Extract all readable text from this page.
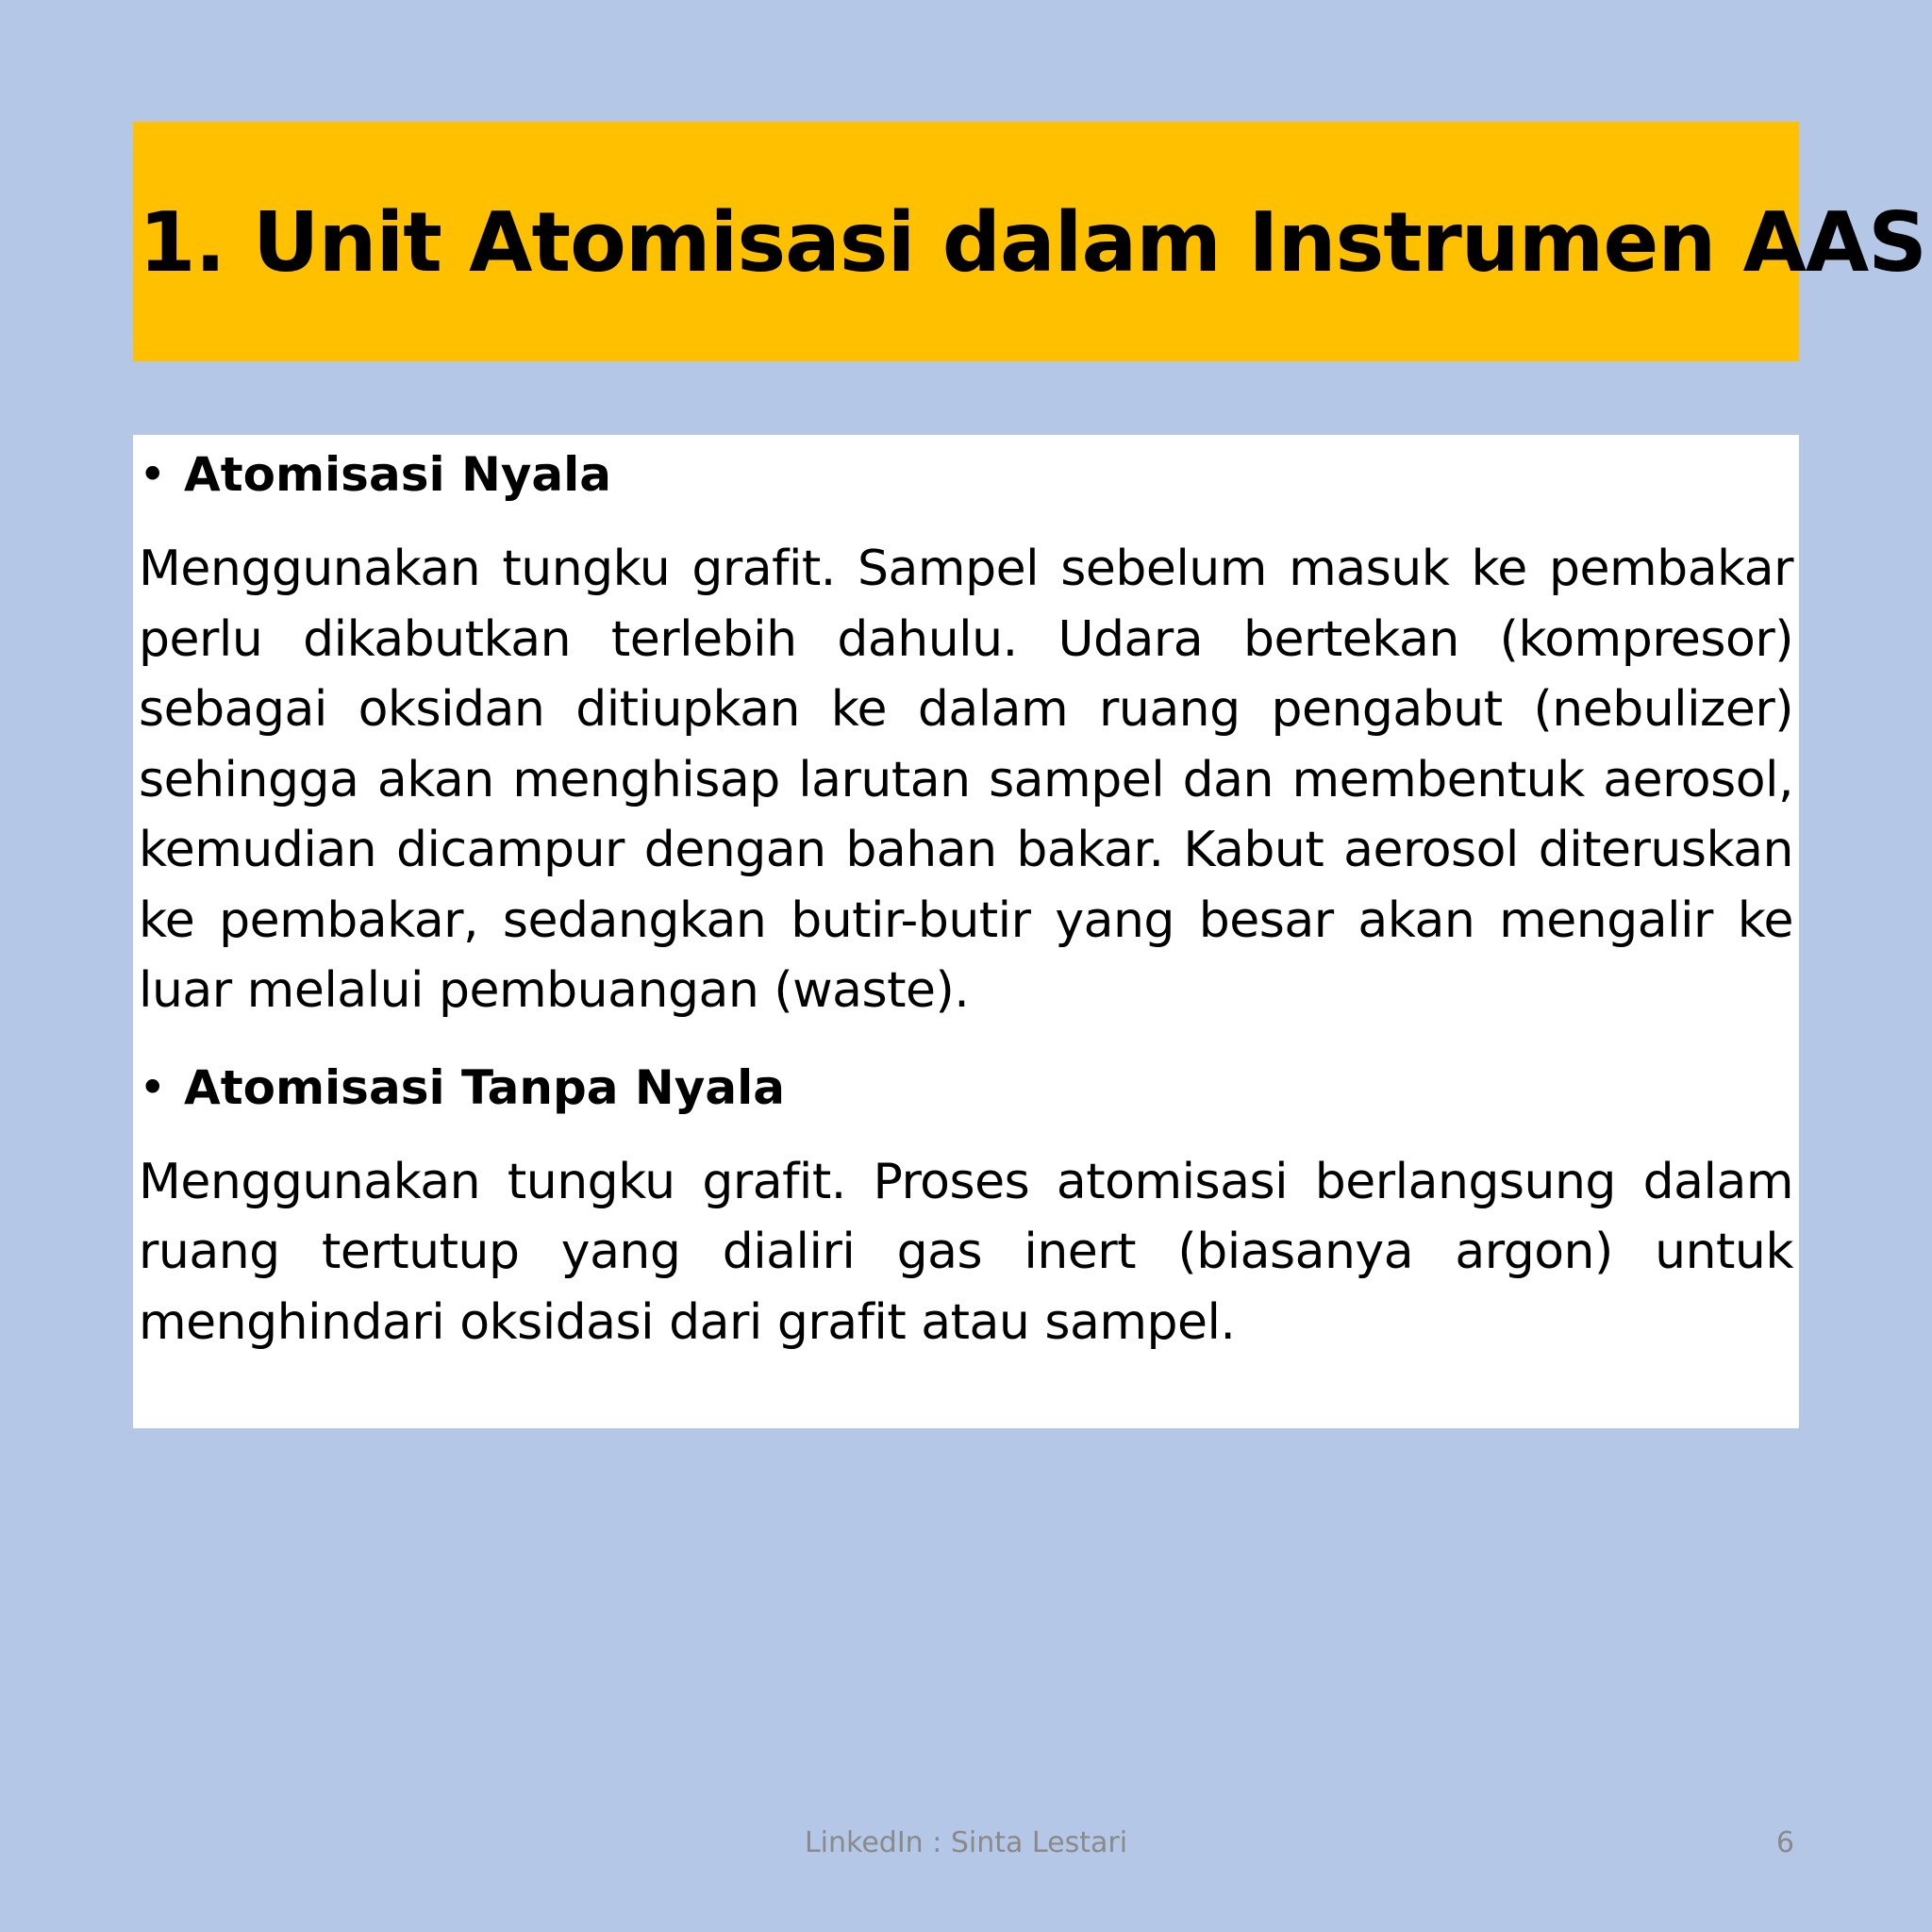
1. Unit Atomisasi dalam Instrumen AAS
• Atomisasi Nyala

Menggunakan tungku grafit. Sampel sebelum masuk ke pembakar perlu dikabutkan terlebih dahulu. Udara bertekan (kompresor) sebagai oksidan ditiupkan ke dalam ruang pengabut (nebulizer) sehingga akan menghisap larutan sampel dan membentuk aerosol, kemudian dicampur dengan bahan bakar. Kabut aerosol diteruskan ke pembakar, sedangkan butir-butir yang besar akan mengalir ke luar melalui pembuangan (waste).

• Atomisasi Tanpa Nyala

Menggunakan tungku grafit. Proses atomisasi berlangsung dalam ruang tertutup yang dialiri gas inert (biasanya argon) untuk menghindari oksidasi dari grafit atau sampel.

LinkedIn : Sinta Lestari	6
